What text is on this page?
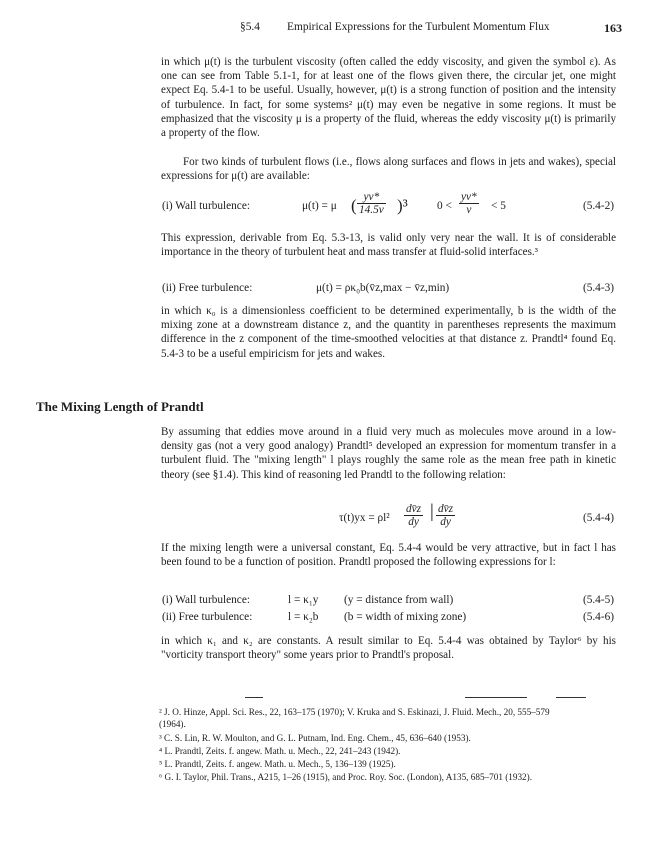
§5.4 Empirical Expressions for the Turbulent Momentum Flux	163
in which μ(t) is the turbulent viscosity (often called the eddy viscosity, and given the symbol ε). As one can see from Table 5.1-1, for at least one of the flows given there, the circular jet, one might expect Eq. 5.4-1 to be useful. Usually, however, μ(t) is a strong function of position and the intensity of turbulence. In fact, for some systems² μ(t) may even be negative in some regions. It must be emphasized that the viscosity μ is a property of the fluid, whereas the eddy viscosity μ(t) is primarily a property of the flow.
For two kinds of turbulent flows (i.e., flows along surfaces and flows in jets and wakes), special expressions for μ(t) are available:
(i) Wall turbulence:	μ(t) = μ ( $\frac{yv*}{14.5\nu} )^3$	$0 < \frac{yv*}{\nu} < 5$	(5.4-2)
This expression, derivable from Eq. 5.3-13, is valid only very near the wall. It is of considerable importance in the theory of turbulent heat and mass transfer at fluid-solid interfaces.³
(ii) Free turbulence:	μ(t) = ρκ₀b(v̄z,max − v̄z,min)	(5.4-3)
in which κ₀ is a dimensionless coefficient to be determined experimentally, b is the width of the mixing zone at a downstream distance z, and the quantity in parentheses represents the maximum difference in the z component of the time-smoothed velocities at that distance z. Prandtl⁴ found Eq. 5.4-3 to be a useful empiricism for jets and wakes.
The Mixing Length of Prandtl
By assuming that eddies move around in a fluid very much as molecules move around in a low-density gas (not a very good analogy) Prandtl⁵ developed an expression for momentum transfer in a turbulent fluid. The "mixing length" l plays roughly the same role as the mean free path in kinetic theory (see §1.4). This kind of reasoning led Prandtl to the following relation:
$\tau(t)yx = \rho l^2 \frac{dv̄z}{dy}$ | $\frac{dv̄z}{dy}$	(5.4-4)
If the mixing length were a universal constant, Eq. 5.4-4 would be very attractive, but in fact l has been found to be a function of position. Prandtl proposed the following expressions for l:
(i) Wall turbulence:	l = κ₁y (y = distance from wall)	(5.4-5)
(ii) Free turbulence:	l = κ₂b (b = width of mixing zone)	(5.4-6)
in which κ₁ and κ₂ are constants. A result similar to Eq. 5.4-4 was obtained by Taylor⁶ by his "vorticity transport theory" some years prior to Prandtl's proposal.
² J. O. Hinze, Appl. Sci. Res., 22, 163–175 (1970); V. Kruka and S. Eskinazi, J. Fluid. Mech., 20, 555–579
(1964).
³ C. S. Lin, R. W. Moulton, and G. L. Putnam, Ind. Eng. Chem., 45, 636–640 (1953).
⁴ L. Prandtl, Zeits. f. angew. Math. u. Mech., 22, 241–243 (1942).
⁵ L. Prandtl, Zeits. f. angew. Math. u. Mech., 5, 136–139 (1925).
⁶ G. I. Taylor, Phil. Trans., A215, 1–26 (1915), and Proc. Roy. Soc. (London), A135, 685–701 (1932).
